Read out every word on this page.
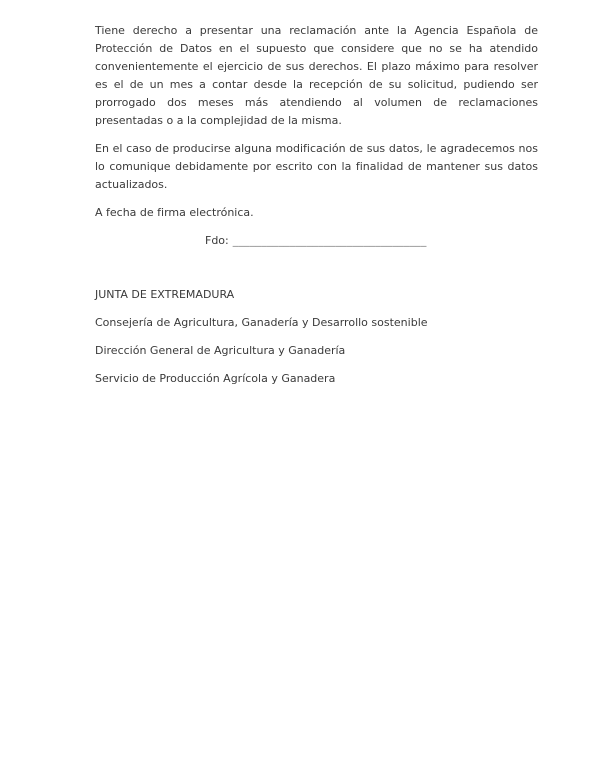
Tiene derecho a presentar una reclamación ante la Agencia Española de Protección de Datos en el supuesto que considere que no se ha atendido convenientemente el ejercicio de sus derechos. El plazo máximo para resolver es el de un mes a contar desde la recepción de su solicitud, pudiendo ser prorrogado dos meses más atendiendo al volumen de reclamaciones presentadas o a la complejidad de la misma.

En el caso de producirse alguna modificación de sus datos, le agradecemos nos lo comunique debidamente por escrito con la finalidad de mantener sus datos actualizados.

A fecha de firma electrónica.

Fdo: __________________________________

JUNTA DE EXTREMADURA

Consejería de Agricultura, Ganadería y Desarrollo sostenible

Dirección General de Agricultura y Ganadería

Servicio de Producción Agrícola y Ganadera
